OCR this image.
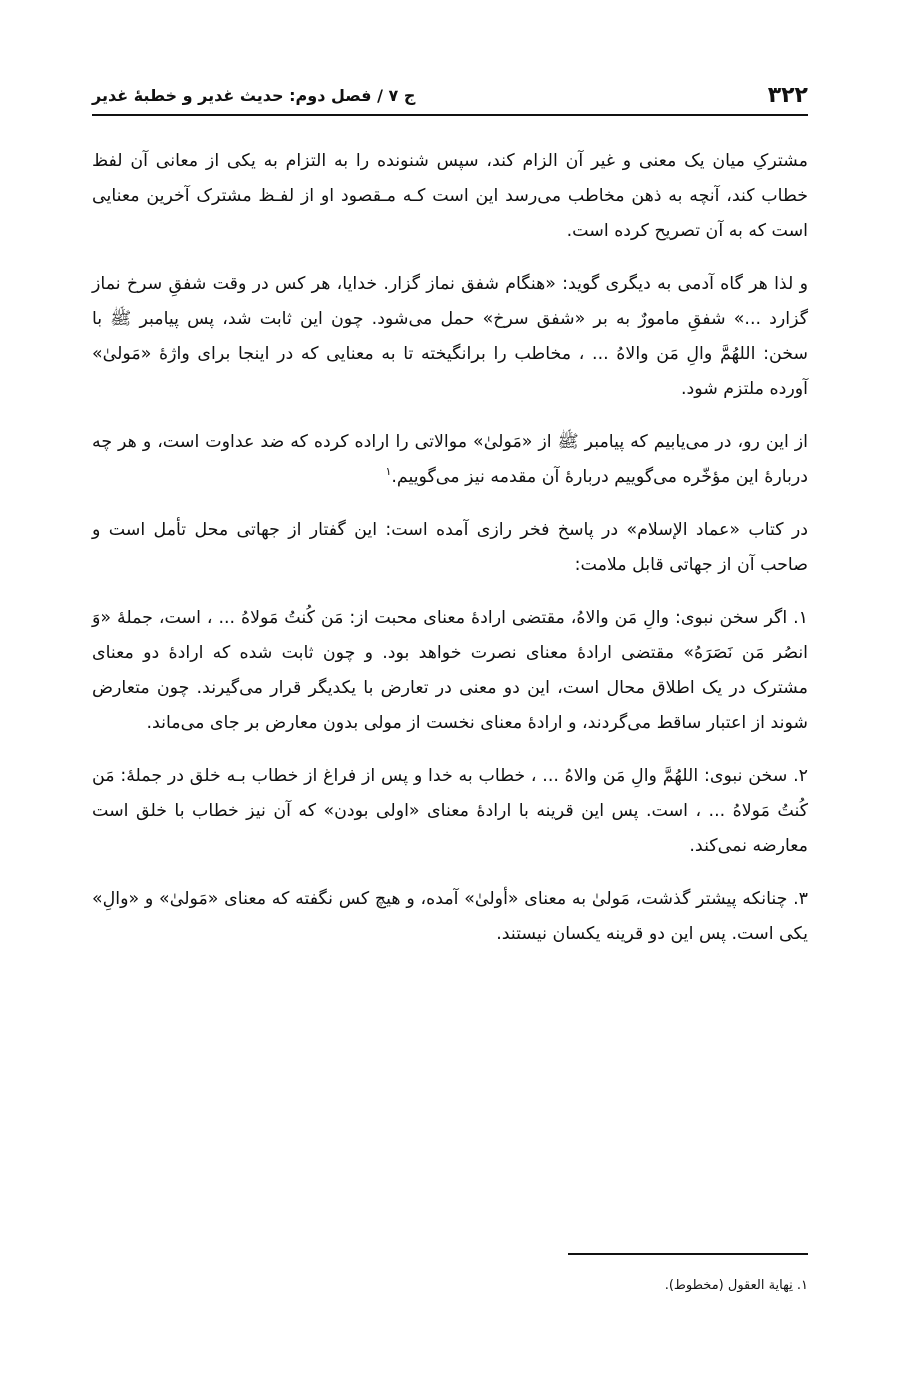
۳۲۲
ج ۷ / فصل دوم: حدیث غدیر و خطبهٔ غدیر

مشترکِ میان یک معنی و غیر آن الزام کند، سپس شنونده را به التزام به یکی از معانی آن لفظ خطاب کند، آنچه به ذهن مخاطب می‌رسد این است کـه مـقصود او از لفـظ مشترک آخرین معنایی است که به آن تصریح کرده است.

و لذا هر گاه آدمی به دیگری گوید: «هنگام شفق نماز گزار. خدایا، هر کس در وقت شفقِ سرخ نماز گزارد ...» شفقِ مامورٌ به بر «شفق سرخ» حمل می‌شود. چون این ثابت شد، پس پیامبر ﷺ با سخن: اللهُمَّ والِ مَن والاهُ ... ، مخاطب را برانگیخته تا به معنایی که در اینجا برای واژهٔ «مَولیٰ» آورده ملتزم شود.

از این رو، در می‌یابیم که پیامبر ﷺ از «مَولیٰ» موالاتی را اراده کرده که ضد عداوت است، و هر چه دربارهٔ این مؤخّره می‌گوییم دربارهٔ آن مقدمه نیز می‌گوییم.$^۱$

در کتاب «عماد الإسلام» در پاسخ فخر رازی آمده است: این گفتار از جهاتی محل تأمل است و صاحب آن از جهاتی قابل ملامت:

۱. اگر سخن نبوی: والِ مَن والاهُ، مقتضی ارادهٔ معنای محبت از: مَن کُنتُ مَولاهُ ... ، است، جملهٔ «وَ انصُر مَن نَصَرَهُ» مقتضی ارادهٔ معنای نصرت خواهد بود. و چون ثابت شده که ارادهٔ دو معنای مشترک در یک اطلاق محال است، این دو معنی در تعارض با یکدیگر قرار می‌گیرند. چون متعارض شوند از اعتبار ساقط می‌گردند، و ارادهٔ معنای نخست از مولی بدون معارض بر جای می‌ماند.

۲. سخن نبوی: اللهُمَّ والِ مَن والاهُ ... ، خطاب به خدا و پس از فراغ از خطاب بـه خلق در جملهٔ: مَن کُنتُ مَولاهُ ... ، است. پس این قرینه با ارادهٔ معنای «اولی بودن» که آن نیز خطاب با خلق است معارضه نمی‌کند.

۳. چنانکه پیشتر گذشت، مَولیٰ به معنای «أولیٰ» آمده، و هیچ کس نگفته که معنای «مَولیٰ» و «والِ» یکی است. پس این دو قرینه یکسان نیستند.

۱. نِهایة العقول (مخطوط).
